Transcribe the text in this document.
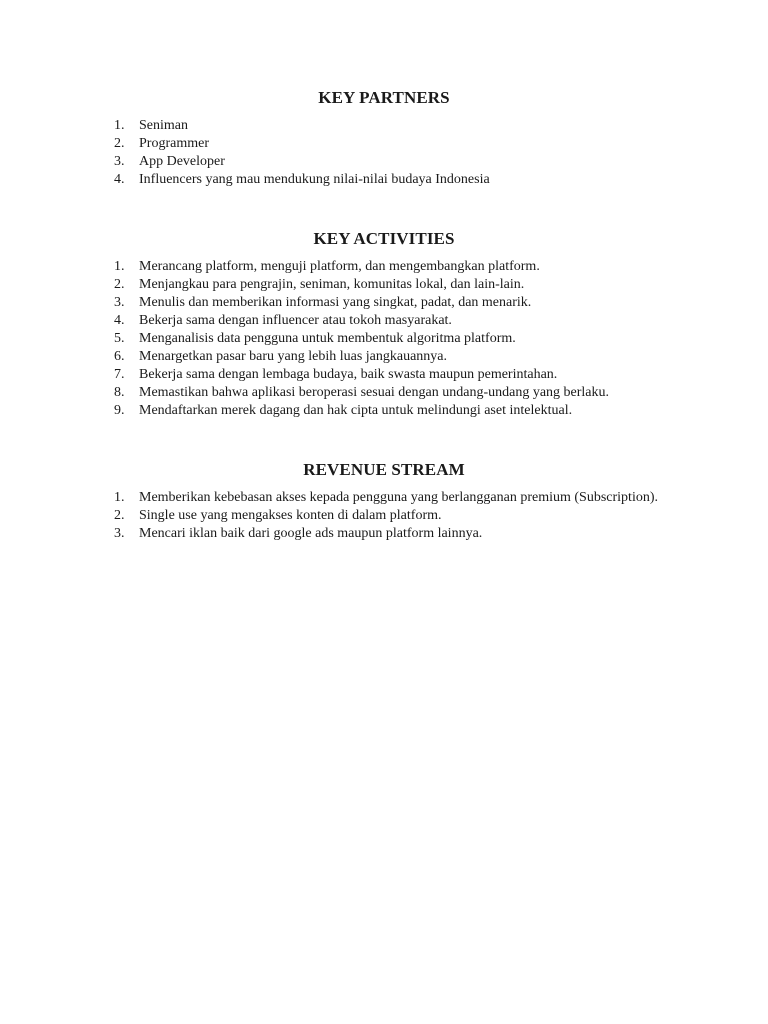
KEY PARTNERS
1.	Seniman
2.	Programmer
3.	App Developer
4.	Influencers yang mau mendukung nilai-nilai budaya Indonesia
KEY ACTIVITIES
1.	Merancang platform, menguji platform, dan mengembangkan platform.
2.	Menjangkau para pengrajin, seniman, komunitas lokal, dan lain-lain.
3.	Menulis dan memberikan informasi yang singkat, padat, dan menarik.
4.	Bekerja sama dengan influencer atau tokoh masyarakat.
5.	Menganalisis data pengguna untuk membentuk algoritma platform.
6.	Menargetkan pasar baru yang lebih luas jangkauannya.
7.	Bekerja sama dengan lembaga budaya, baik swasta maupun pemerintahan.
8.	Memastikan bahwa aplikasi beroperasi sesuai dengan undang-undang yang berlaku.
9.	Mendaftarkan merek dagang dan hak cipta untuk melindungi aset intelektual.
REVENUE STREAM
1.	Memberikan kebebasan akses kepada pengguna yang berlangganan premium (Subscription).
2.	Single use yang mengakses konten di dalam platform.
3.	Mencari iklan baik dari google ads maupun platform lainnya.
